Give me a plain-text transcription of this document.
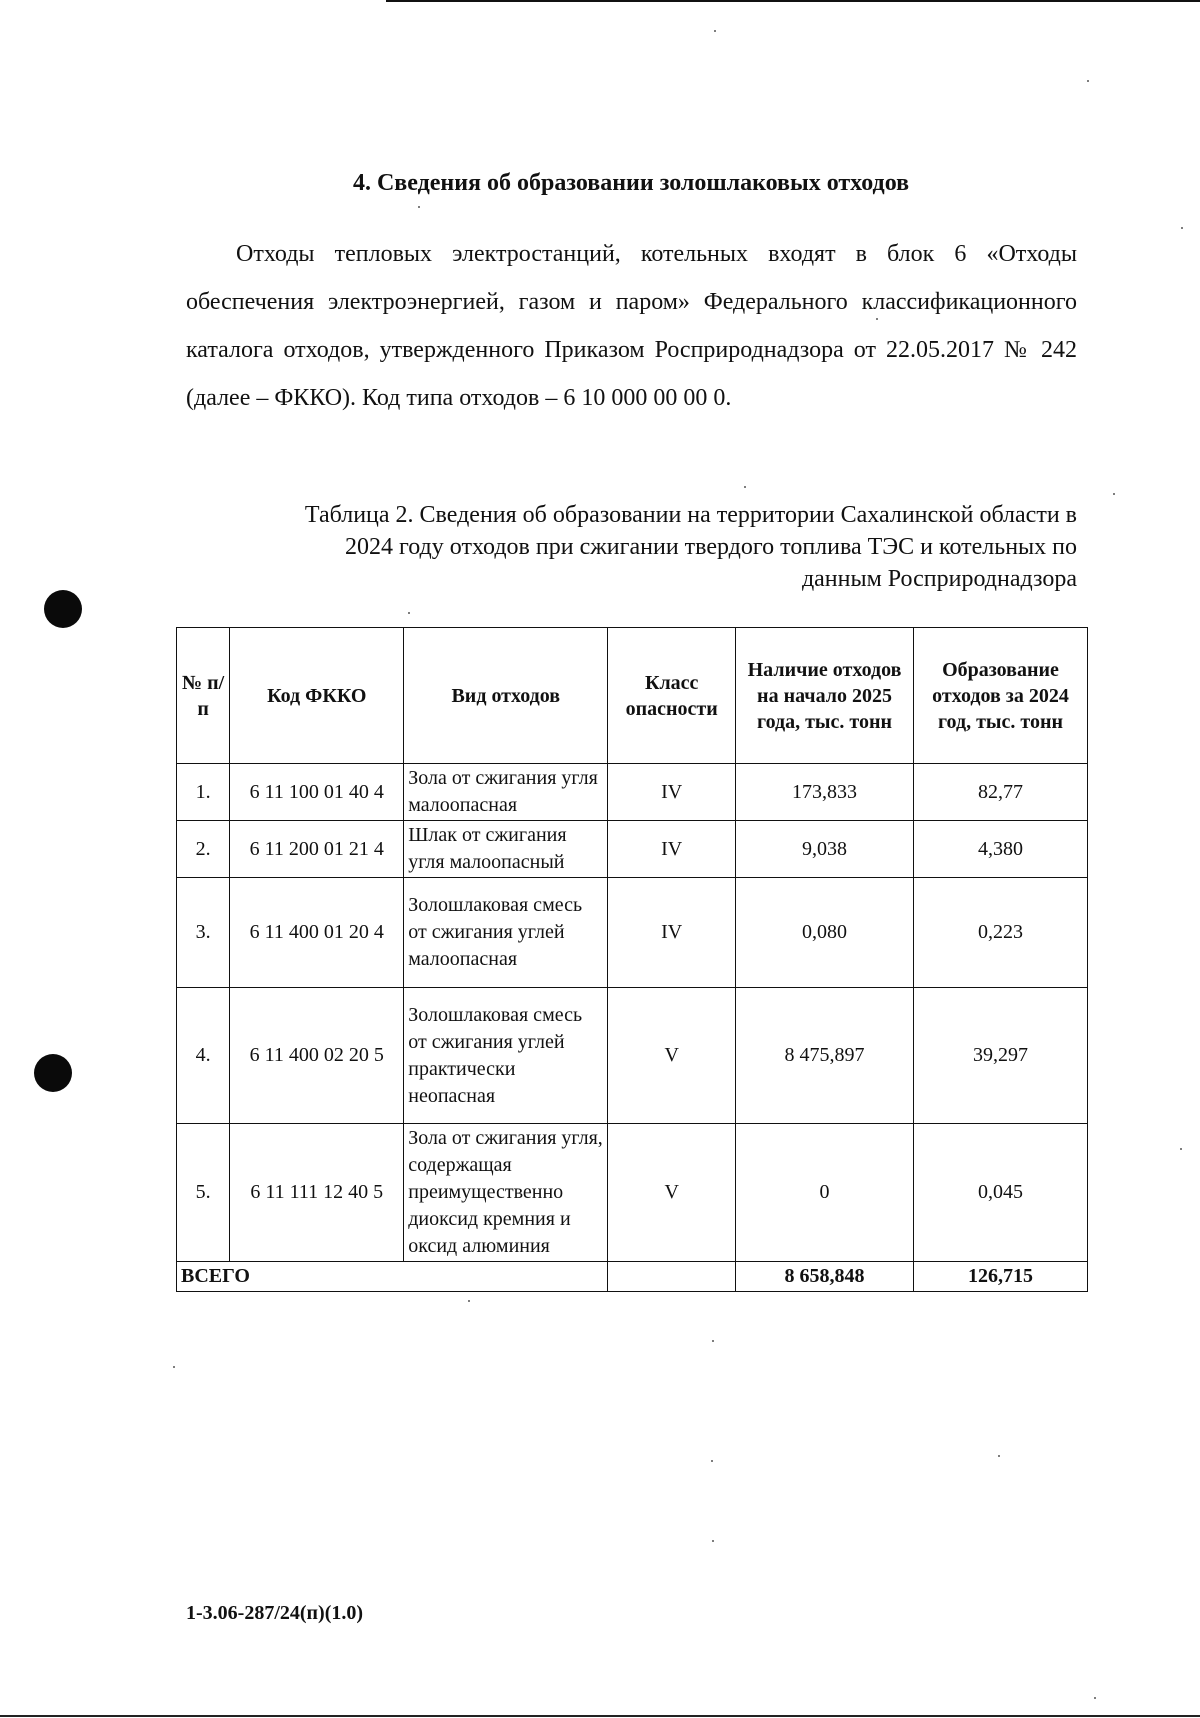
4. Сведения об образовании золошлаковых отходов
Отходы тепловых электростанций, котельных входят в блок 6 «Отходы обеспечения электроэнергией, газом и паром» Федерального классификационного каталога отходов, утвержденного Приказом Росприроднадзора от 22.05.2017 № 242 (далее – ФККО). Код типа отходов – 6 10 000 00 00 0.
Таблица 2. Сведения об образовании на территории Сахалинской области в
2024 году отходов при сжигании твердого топлива ТЭС и котельных по
данным Росприроднадзора
№ п/п	Код ФККО	Вид отходов	Класс опасности	Наличие отходов на начало 2025 года, тыс. тонн	Образование отходов за 2024 год, тыс. тонн
1.	6 11 100 01 40 4	Зола от сжигания угля малоопасная	IV	173,833	82,77
2.	6 11 200 01 21 4	Шлак от сжигания угля малоопасный	IV	9,038	4,380
3.	6 11 400 01 20 4	Золошлаковая смесь от сжигания углей малоопасная	IV	0,080	0,223
4.	6 11 400 02 20 5	Золошлаковая смесь от сжигания углей практически неопасная	V	8 475,897	39,297
5.	6 11 111 12 40 5	Зола от сжигания угля, содержащая преимущественно диоксид кремния и оксид алюминия	V	0	0,045
ВСЕГО				8 658,848	126,715
1-3.06-287/24(п)(1.0)
